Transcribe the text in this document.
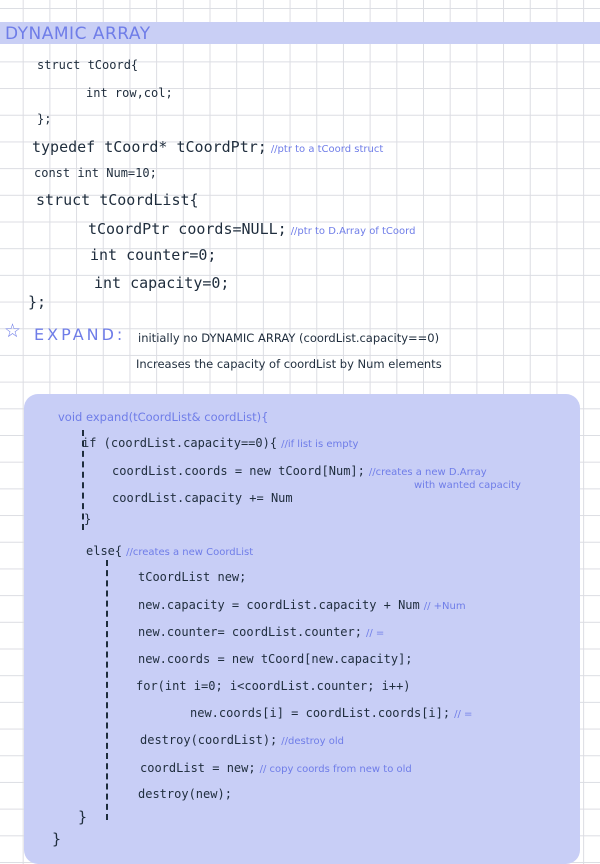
DYNAMIC ARRAY
struct tCoord{
int row,col;
};
typedef tCoord* tCoordPtr; //ptr to a tCoord struct
const int Num=10;
struct tCoordList{
tCoordPtr coords=NULL; //ptr to D.Array of tCoord
int counter=0;
int capacity=0;
};
☆ EXPAND: initially no DYNAMIC ARRAY (coordList.capacity==0)
Increases the capacity of coordList by Num elements
void expand(tCoordList& coordList){
if (coordList.capacity==0){ //if list is empty
coordList.coords = new tCoord[Num]; //creates a new D.Array
with wanted capacity
coordList.capacity += Num
}
else{ //creates a new CoordList
tCoordList new;
new.capacity = coordList.capacity + Num // +Num
new.counter= coordList.counter; // =
new.coords = new tCoord[new.capacity];
for(int i=0; i<coordList.counter; i++)
new.coords[i] = coordList.coords[i]; // =
destroy(coordList); //destroy old
coordList = new; // copy coords from new to old
destroy(new);
}
}
